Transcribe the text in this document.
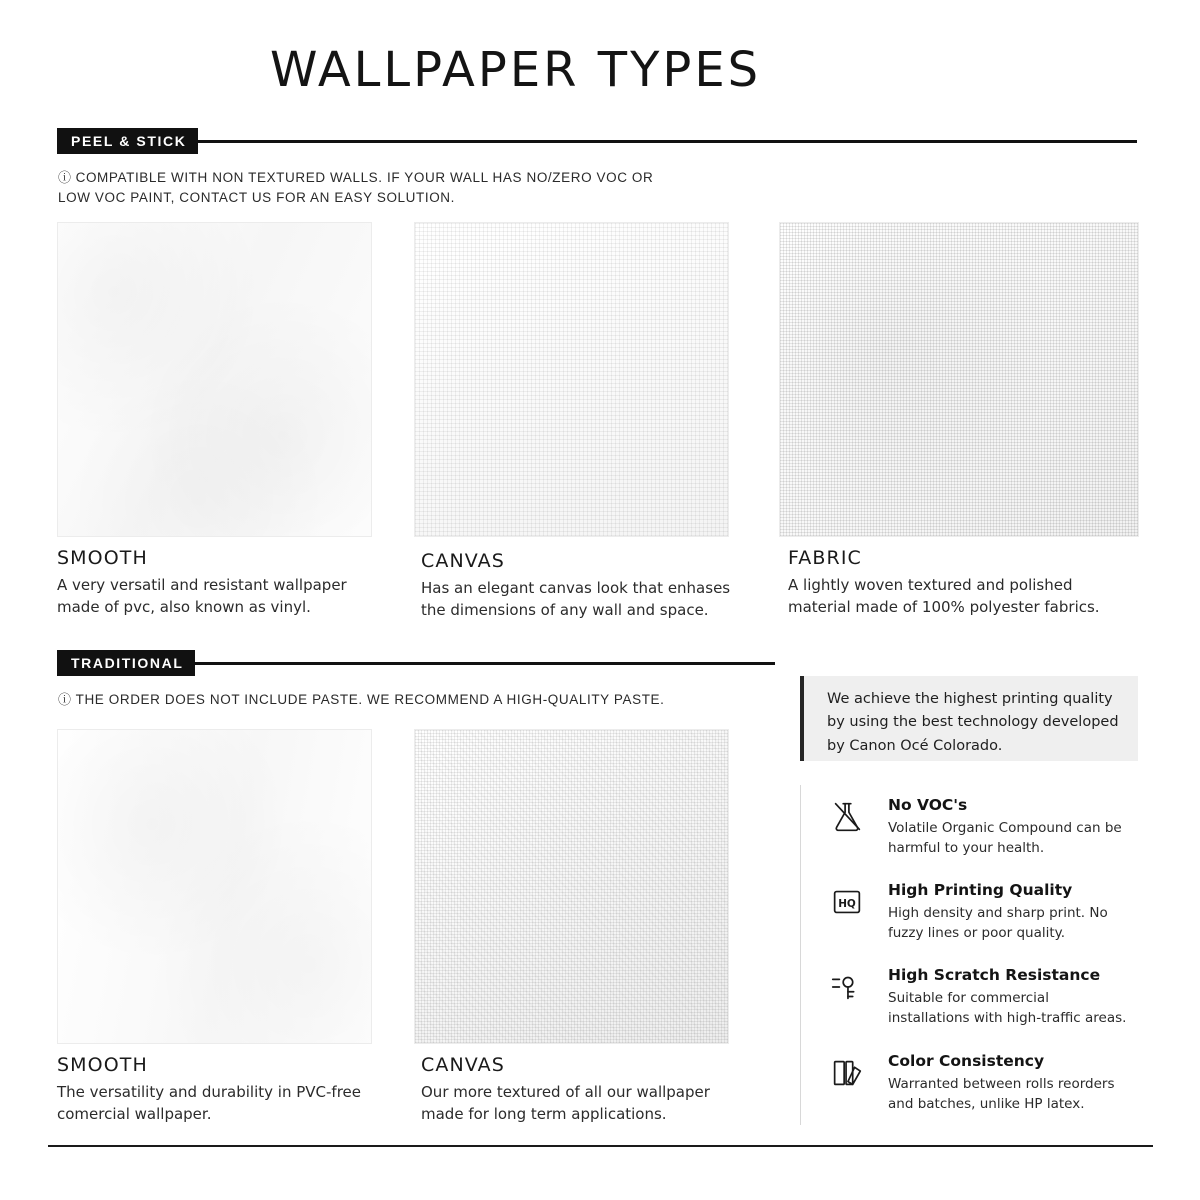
WALLPAPER TYPES
PEEL & STICK
ⓘ COMPATIBLE WITH NON TEXTURED WALLS. IF YOUR WALL HAS NO/ZERO VOC OR LOW VOC PAINT, CONTACT US FOR AN EASY SOLUTION.
SMOOTH
A very versatil and resistant wallpaper made of pvc, also known as vinyl.
CANVAS
Has an elegant canvas look that enhases the dimensions of any wall and space.
FABRIC
A lightly woven textured and polished material made of 100% polyester fabrics.
TRADITIONAL
ⓘ THE ORDER DOES NOT INCLUDE PASTE. WE RECOMMEND A HIGH-QUALITY PASTE.
SMOOTH
The versatility and durability in PVC-free comercial wallpaper.
CANVAS
Our more textured of all our wallpaper made for long term applications.
We achieve the highest printing quality by using the best technology developed by Canon Océ Colorado.
No VOC's
Volatile Organic Compound can be harmful to your health.
HQ
High Printing Quality
High density and sharp print. No fuzzy lines or poor quality.
High Scratch Resistance
Suitable for commercial installations with high-traffic areas.
Color Consistency
Warranted between rolls reorders and batches, unlike HP latex.
